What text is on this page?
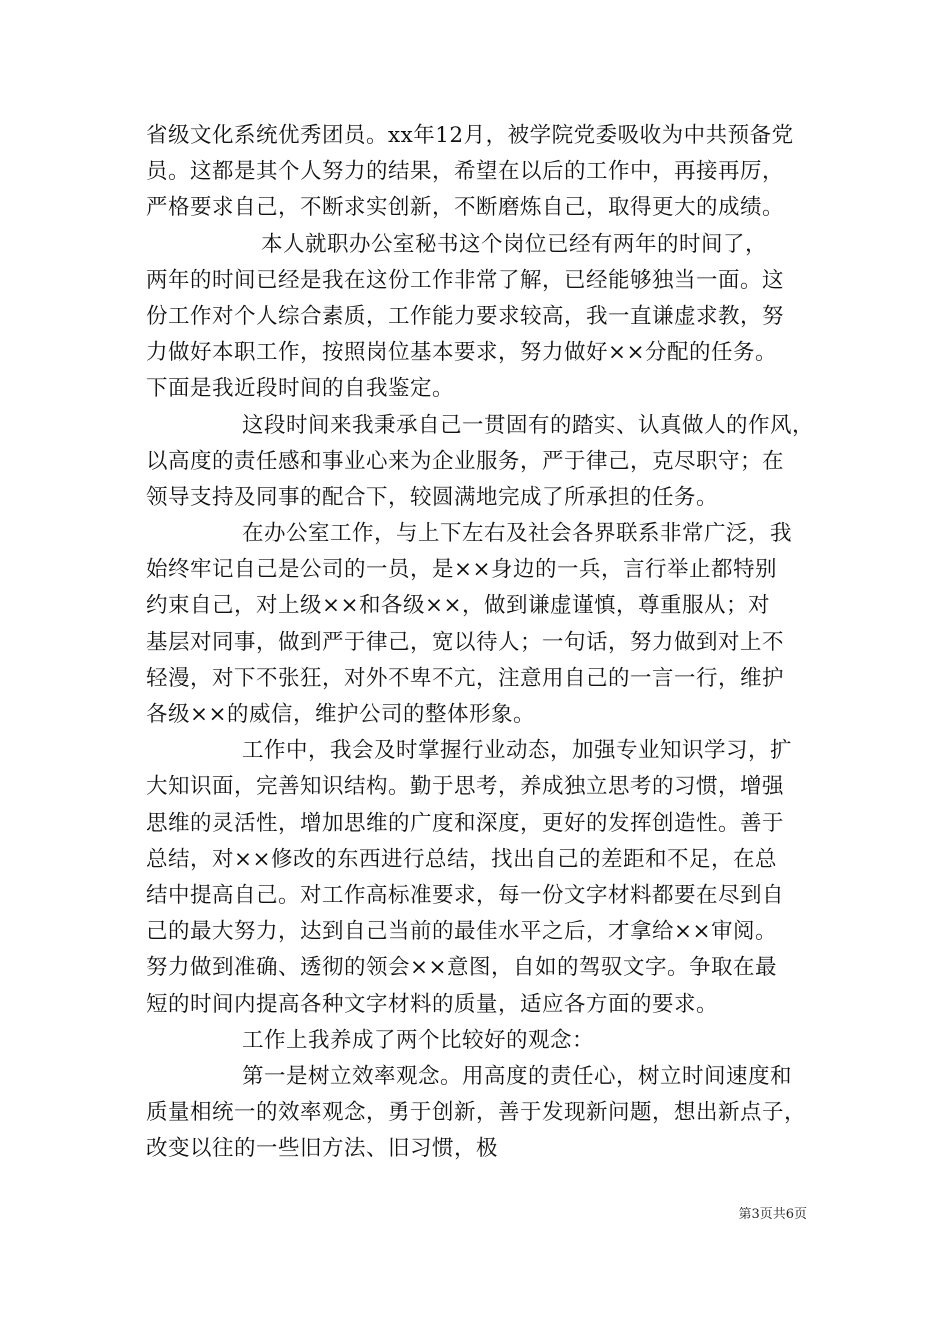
省级文化系统优秀团员。xx年12月，被学院党委吸收为中共预备党
员。这都是其个人努力的结果，希望在以后的工作中，再接再厉，
严格要求自己，不断求实创新，不断磨炼自己，取得更大的成绩。
本人就职办公室秘书这个岗位已经有两年的时间了，
两年的时间已经是我在这份工作非常了解，已经能够独当一面。这
份工作对个人综合素质，工作能力要求较高，我一直谦虚求教，努
力做好本职工作，按照岗位基本要求，努力做好××分配的任务。
下面是我近段时间的自我鉴定。
这段时间来我秉承自己一贯固有的踏实、认真做人的作风，
以高度的责任感和事业心来为企业服务，严于律己，克尽职守；在
领导支持及同事的配合下，较圆满地完成了所承担的任务。
在办公室工作，与上下左右及社会各界联系非常广泛，我
始终牢记自己是公司的一员，是××身边的一兵，言行举止都特别
约束自己，对上级××和各级××，做到谦虚谨慎，尊重服从；对
基层对同事，做到严于律己，宽以待人；一句话，努力做到对上不
轻漫，对下不张狂，对外不卑不亢，注意用自己的一言一行，维护
各级××的威信，维护公司的整体形象。
工作中，我会及时掌握行业动态，加强专业知识学习，扩
大知识面，完善知识结构。勤于思考，养成独立思考的习惯，增强
思维的灵活性，增加思维的广度和深度，更好的发挥创造性。善于
总结，对××修改的东西进行总结，找出自己的差距和不足，在总
结中提高自己。对工作高标准要求，每一份文字材料都要在尽到自
己的最大努力，达到自己当前的最佳水平之后，才拿给××审阅。
努力做到准确、透彻的领会××意图，自如的驾驭文字。争取在最
短的时间内提高各种文字材料的质量，适应各方面的要求。
工作上我养成了两个比较好的观念：
第一是树立效率观念。用高度的责任心，树立时间速度和
质量相统一的效率观念，勇于创新，善于发现新问题，想出新点子，
改变以往的一些旧方法、旧习惯，极
第3页共6页
